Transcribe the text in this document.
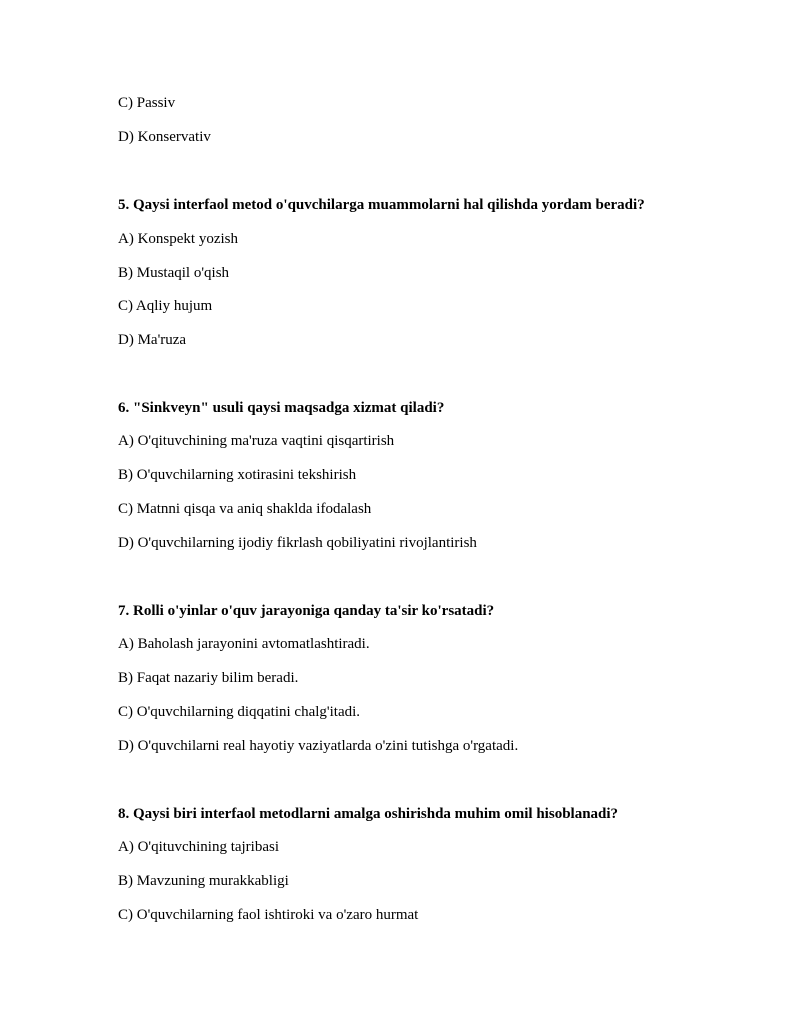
C) Passiv

D) Konservativ

5. Qaysi interfaol metod o'quvchilarga muammolarni hal qilishda yordam beradi?

A) Konspekt yozish

B) Mustaqil o'qish

C) Aqliy hujum

D) Ma'ruza

6. "Sinkveyn" usuli qaysi maqsadga xizmat qiladi?

A) O'qituvchining ma'ruza vaqtini qisqartirish

B) O'quvchilarning xotirasini tekshirish

C) Matnni qisqa va aniq shaklda ifodalash

D) O'quvchilarning ijodiy fikrlash qobiliyatini rivojlantirish

7. Rolli o'yinlar o'quv jarayoniga qanday ta'sir ko'rsatadi?

A) Baholash jarayonini avtomatlashtiradi.

B) Faqat nazariy bilim beradi.

C) O'quvchilarning diqqatini chalg'itadi.

D) O'quvchilarni real hayotiy vaziyatlarda o'zini tutishga o'rgatadi.

8. Qaysi biri interfaol metodlarni amalga oshirishda muhim omil hisoblanadi?

A) O'qituvchining tajribasi

B) Mavzuning murakkabligi

C) O'quvchilarning faol ishtiroki va o'zaro hurmat
